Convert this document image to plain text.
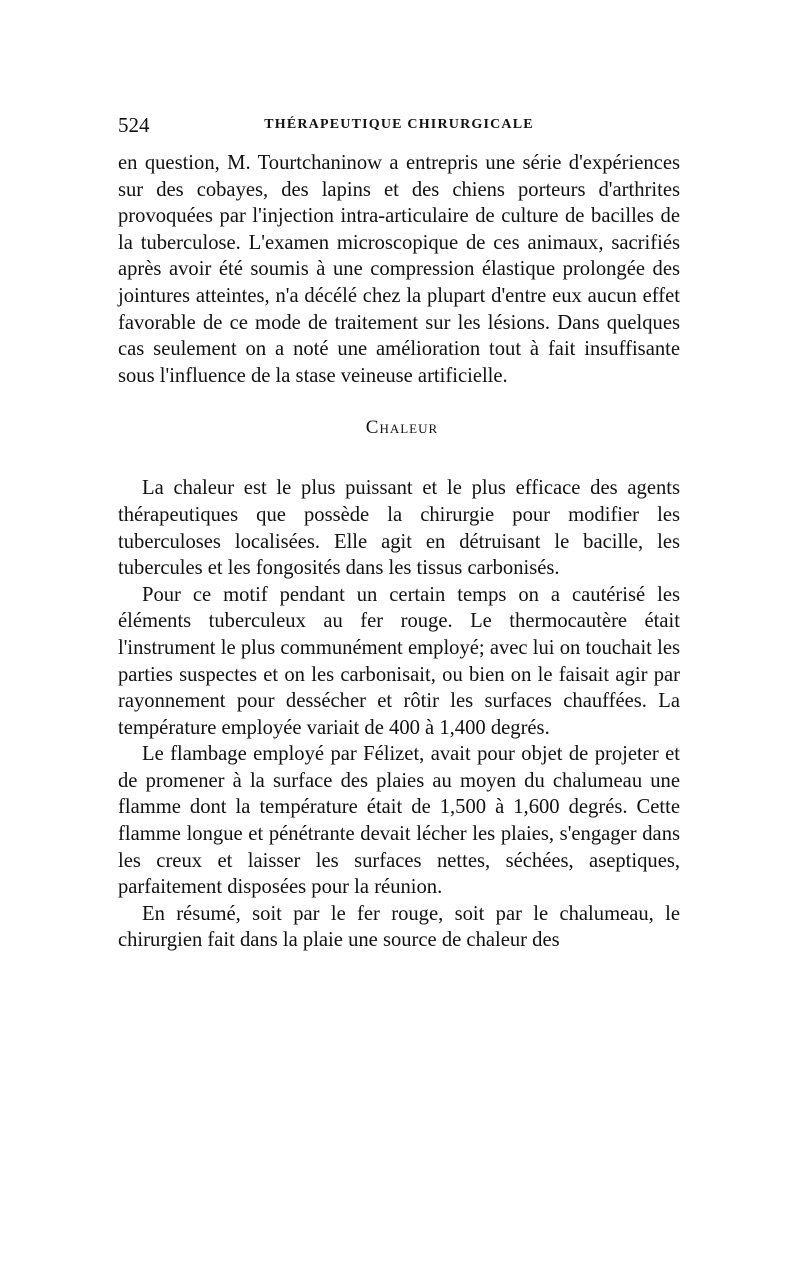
524	THÉRAPEUTIQUE CHIRURGICALE

en question, M. Tourtchaninow a entrepris une série d'expériences sur des cobayes, des lapins et des chiens porteurs d'arthrites provoquées par l'injection intra-articulaire de culture de bacilles de la tuberculose. L'examen microscopique de ces animaux, sacrifiés après avoir été soumis à une compression élastique prolongée des jointures atteintes, n'a décélé chez la plupart d'entre eux aucun effet favorable de ce mode de traitement sur les lésions. Dans quelques cas seulement on a noté une amélioration tout à fait insuffisante sous l'influence de la stase veineuse artificielle.

Chaleur

La chaleur est le plus puissant et le plus efficace des agents thérapeutiques que possède la chirurgie pour modifier les tuberculoses localisées. Elle agit en détruisant le bacille, les tubercules et les fongosités dans les tissus carbonisés.

Pour ce motif pendant un certain temps on a cautérisé les éléments tuberculeux au fer rouge. Le thermocautère était l'instrument le plus communément employé; avec lui on touchait les parties suspectes et on les carbonisait, ou bien on le faisait agir par rayonnement pour dessécher et rôtir les surfaces chauffées. La température employée variait de 400 à 1,400 degrés.

Le flambage employé par Félizet, avait pour objet de projeter et de promener à la surface des plaies au moyen du chalumeau une flamme dont la température était de 1,500 à 1,600 degrés. Cette flamme longue et pénétrante devait lécher les plaies, s'engager dans les creux et laisser les surfaces nettes, séchées, aseptiques, parfaitement disposées pour la réunion.

En résumé, soit par le fer rouge, soit par le chalumeau, le chirurgien fait dans la plaie une source de chaleur des
